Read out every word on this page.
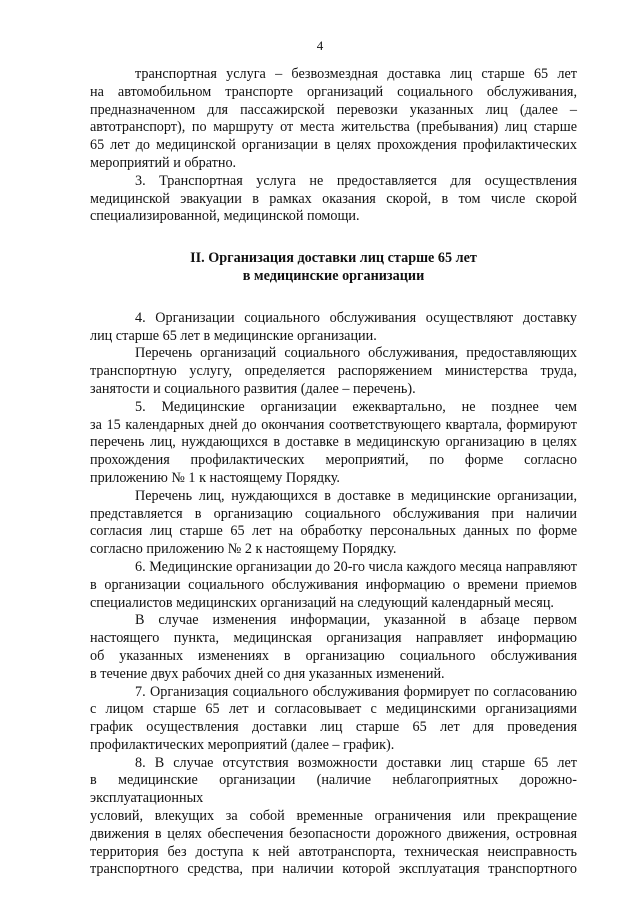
4
транспортная услуга – безвозмездная доставка лиц старше 65 лет
на автомобильном транспорте организаций социального обслуживания,
предназначенном для пассажирской перевозки указанных лиц (далее –
автотранспорт), по маршруту от места жительства (пребывания) лиц старше
65 лет до медицинской организации в целях прохождения профилактических
мероприятий и обратно.
3. Транспортная услуга не предоставляется для осуществления
медицинской эвакуации в рамках оказания скорой, в том числе скорой
специализированной, медицинской помощи.
II. Организация доставки лиц старше 65 лет
в медицинские организации
4. Организации социального обслуживания осуществляют доставку
лиц старше 65 лет в медицинские организации.
Перечень организаций социального обслуживания, предоставляющих
транспортную услугу, определяется распоряжением министерства труда,
занятости и социального развития (далее – перечень).
5. Медицинские организации ежеквартально, не позднее чем
за 15 календарных дней до окончания соответствующего квартала, формируют
перечень лиц, нуждающихся в доставке в медицинскую организацию в целях
прохождения профилактических мероприятий, по форме согласно
приложению № 1 к настоящему Порядку.
Перечень лиц, нуждающихся в доставке в медицинские организации,
представляется в организацию социального обслуживания при наличии
согласия лиц старше 65 лет на обработку персональных данных по форме
согласно приложению № 2 к настоящему Порядку.
6. Медицинские организации до 20-го числа каждого месяца направляют
в организации социального обслуживания информацию о времени приемов
специалистов медицинских организаций на следующий календарный месяц.
В случае изменения информации, указанной в абзаце первом
настоящего пункта, медицинская организация направляет информацию
об указанных изменениях в организацию социального обслуживания
в течение двух рабочих дней со дня указанных изменений.
7. Организация социального обслуживания формирует по согласованию
с лицом старше 65 лет и согласовывает с медицинскими организациями
график осуществления доставки лиц старше 65 лет для проведения
профилактических мероприятий (далее – график).
8. В случае отсутствия возможности доставки лиц старше 65 лет
в медицинские организации (наличие неблагоприятных дорожно-эксплуатационных
условий, влекущих за собой временные ограничения или прекращение
движения в целях обеспечения безопасности дорожного движения, островная
территория без доступа к ней автотранспорта, техническая неисправность
транспортного средства, при наличии которой эксплуатация транспортного
